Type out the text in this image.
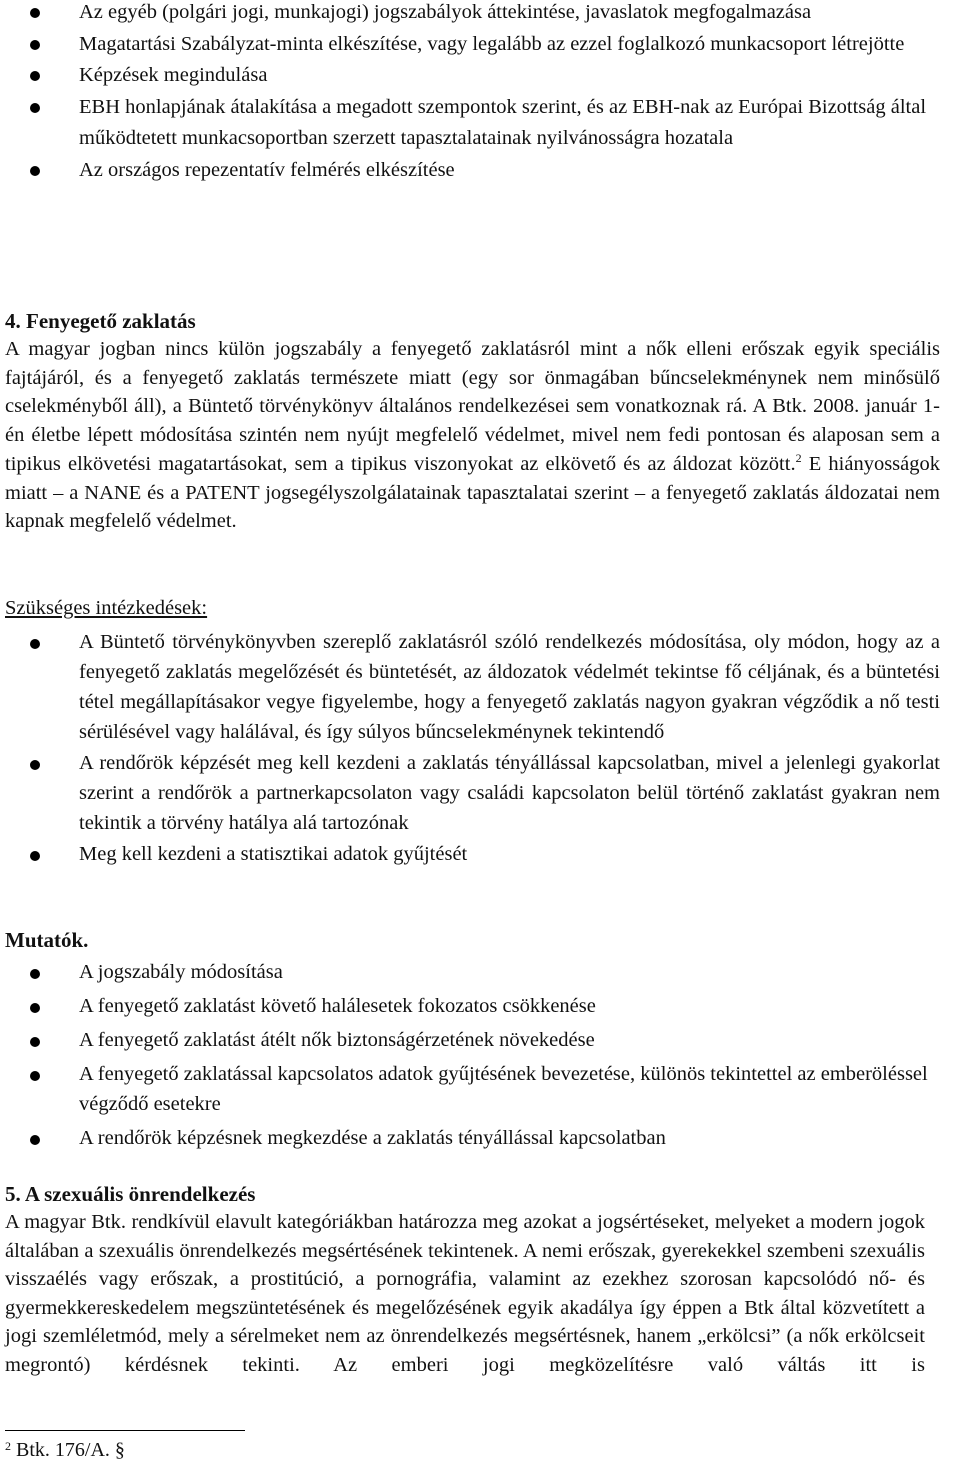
Az egyéb (polgári jogi, munkajogi) jogszabályok áttekintése, javaslatok megfogalmazása
Magatartási Szabályzat-minta elkészítése, vagy legalább az ezzel foglalkozó munkacsoport létrejötte
Képzések megindulása
EBH honlapjának átalakítása a megadott szempontok szerint, és az EBH-nak az Európai Bizottság által működtetett munkacsoportban szerzett tapasztalatainak nyilvánosságra hozatala
Az országos repezentatív felmérés elkészítése
4. Fenyegető zaklatás

A magyar jogban nincs külön jogszabály a fenyegető zaklatásról mint a nők elleni erőszak egyik speciális fajtájáról, és a fenyegető zaklatás természete miatt (egy sor önmagában bűncselekménynek nem minősülő cselekményből áll), a Büntető törvénykönyv általános rendelkezései sem vonatkoznak rá. A Btk. 2008. január 1-én életbe lépett módosítása szintén nem nyújt megfelelő védelmet, mivel nem fedi pontosan és alaposan sem a tipikus elkövetési magatartásokat, sem a tipikus viszonyokat az elkövető és az áldozat között.$^2$ E hiányosságok miatt – a NANE és a PATENT jogsegélyszolgálatainak tapasztalatai szerint – a fenyegető zaklatás áldozatai nem kapnak megfelelő védelmet.

Szükséges intézkedések:
A Büntető törvénykönyvben szereplő zaklatásról szóló rendelkezés módosítása, oly módon, hogy az a fenyegető zaklatás megelőzését és büntetését, az áldozatok védelmét tekintse fő céljának, és a büntetési tétel megállapításakor vegye figyelembe, hogy a fenyegető zaklatás nagyon gyakran végződik a nő testi sérülésével vagy halálával, és így súlyos bűncselekménynek tekintendő
A rendőrök képzését meg kell kezdeni a zaklatás tényállással kapcsolatban, mivel a jelenlegi gyakorlat szerint a rendőrök a partnerkapcsolaton vagy családi kapcsolaton belül történő zaklatást gyakran nem tekintik a törvény hatálya alá tartozónak
Meg kell kezdeni a statisztikai adatok gyűjtését
Mutatók.
A jogszabály módosítása
A fenyegető zaklatást követő halálesetek fokozatos csökkenése
A fenyegető zaklatást átélt nők biztonságérzetének növekedése
A fenyegető zaklatással kapcsolatos adatok gyűjtésének bevezetése, különös tekintettel az emberöléssel végződő esetekre
A rendőrök képzésnek megkezdése a zaklatás tényállással kapcsolatban
5. A szexuális önrendelkezés

A magyar Btk. rendkívül elavult kategóriákban határozza meg azokat a jogsértéseket, melyeket a modern jogok általában a szexuális önrendelkezés megsértésének tekintenek. A nemi erőszak, gyerekekkel szembeni szexuális visszaélés vagy erőszak, a prostitúció, a pornográfia, valamint az ezekhez szorosan kapcsolódó nő- és gyermekkereskedelem megszüntetésének és megelőzésének egyik akadálya így éppen a Btk által közvetített a jogi szemléletmód, mely a sérelmeket nem az önrendelkezés megsértésnek, hanem „erkölcsi” (a nők erkölcseit megrontó) kérdésnek tekinti. Az emberi jogi megközelítésre való váltás itt is

$^2$ Btk. 176/A. §
